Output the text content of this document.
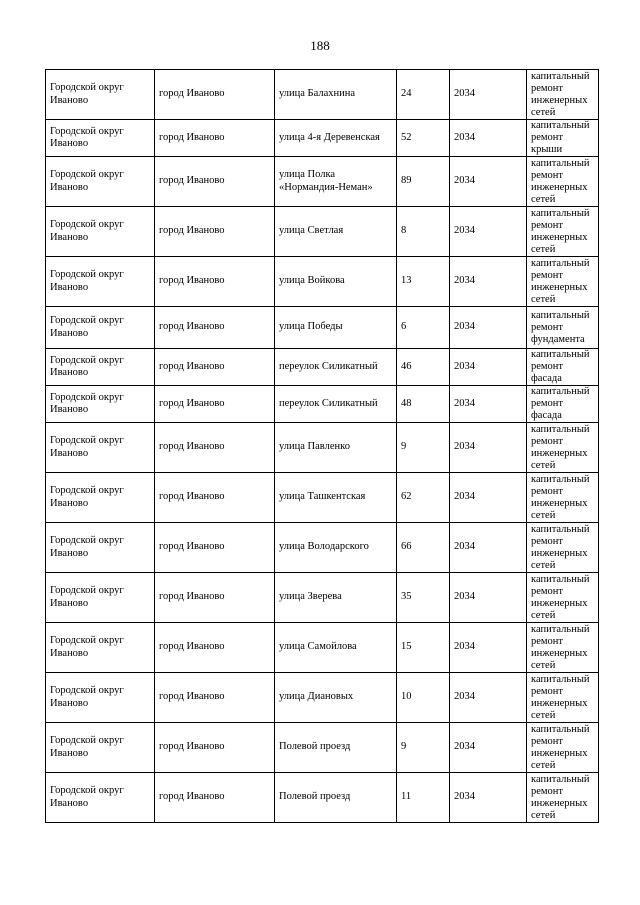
188
Городской округ Иваново	город Иваново	улица Балахнина	24	2034	капитальный ремонт инженерных сетей
Городской округ Иваново	город Иваново	улица 4-я Деревенская	52	2034	капитальный ремонт крыши
Городской округ Иваново	город Иваново	улица Полка «Нормандия-Неман»	89	2034	капитальный ремонт инженерных сетей
Городской округ Иваново	город Иваново	улица Светлая	8	2034	капитальный ремонт инженерных сетей
Городской округ Иваново	город Иваново	улица Войкова	13	2034	капитальный ремонт инженерных сетей
Городской округ Иваново	город Иваново	улица Победы	6	2034	капитальный ремонт фундамента
Городской округ Иваново	город Иваново	переулок Силикатный	46	2034	капитальный ремонт фасада
Городской округ Иваново	город Иваново	переулок Силикатный	48	2034	капитальный ремонт фасада
Городской округ Иваново	город Иваново	улица Павленко	9	2034	капитальный ремонт инженерных сетей
Городской округ Иваново	город Иваново	улица Ташкентская	62	2034	капитальный ремонт инженерных сетей
Городской округ Иваново	город Иваново	улица Володарского	66	2034	капитальный ремонт инженерных сетей
Городской округ Иваново	город Иваново	улица Зверева	35	2034	капитальный ремонт инженерных сетей
Городской округ Иваново	город Иваново	улица Самойлова	15	2034	капитальный ремонт инженерных сетей
Городской округ Иваново	город Иваново	улица Диановых	10	2034	капитальный ремонт инженерных сетей
Городской округ Иваново	город Иваново	Полевой проезд	9	2034	капитальный ремонт инженерных сетей
Городской округ Иваново	город Иваново	Полевой проезд	11	2034	капитальный ремонт инженерных сетей
